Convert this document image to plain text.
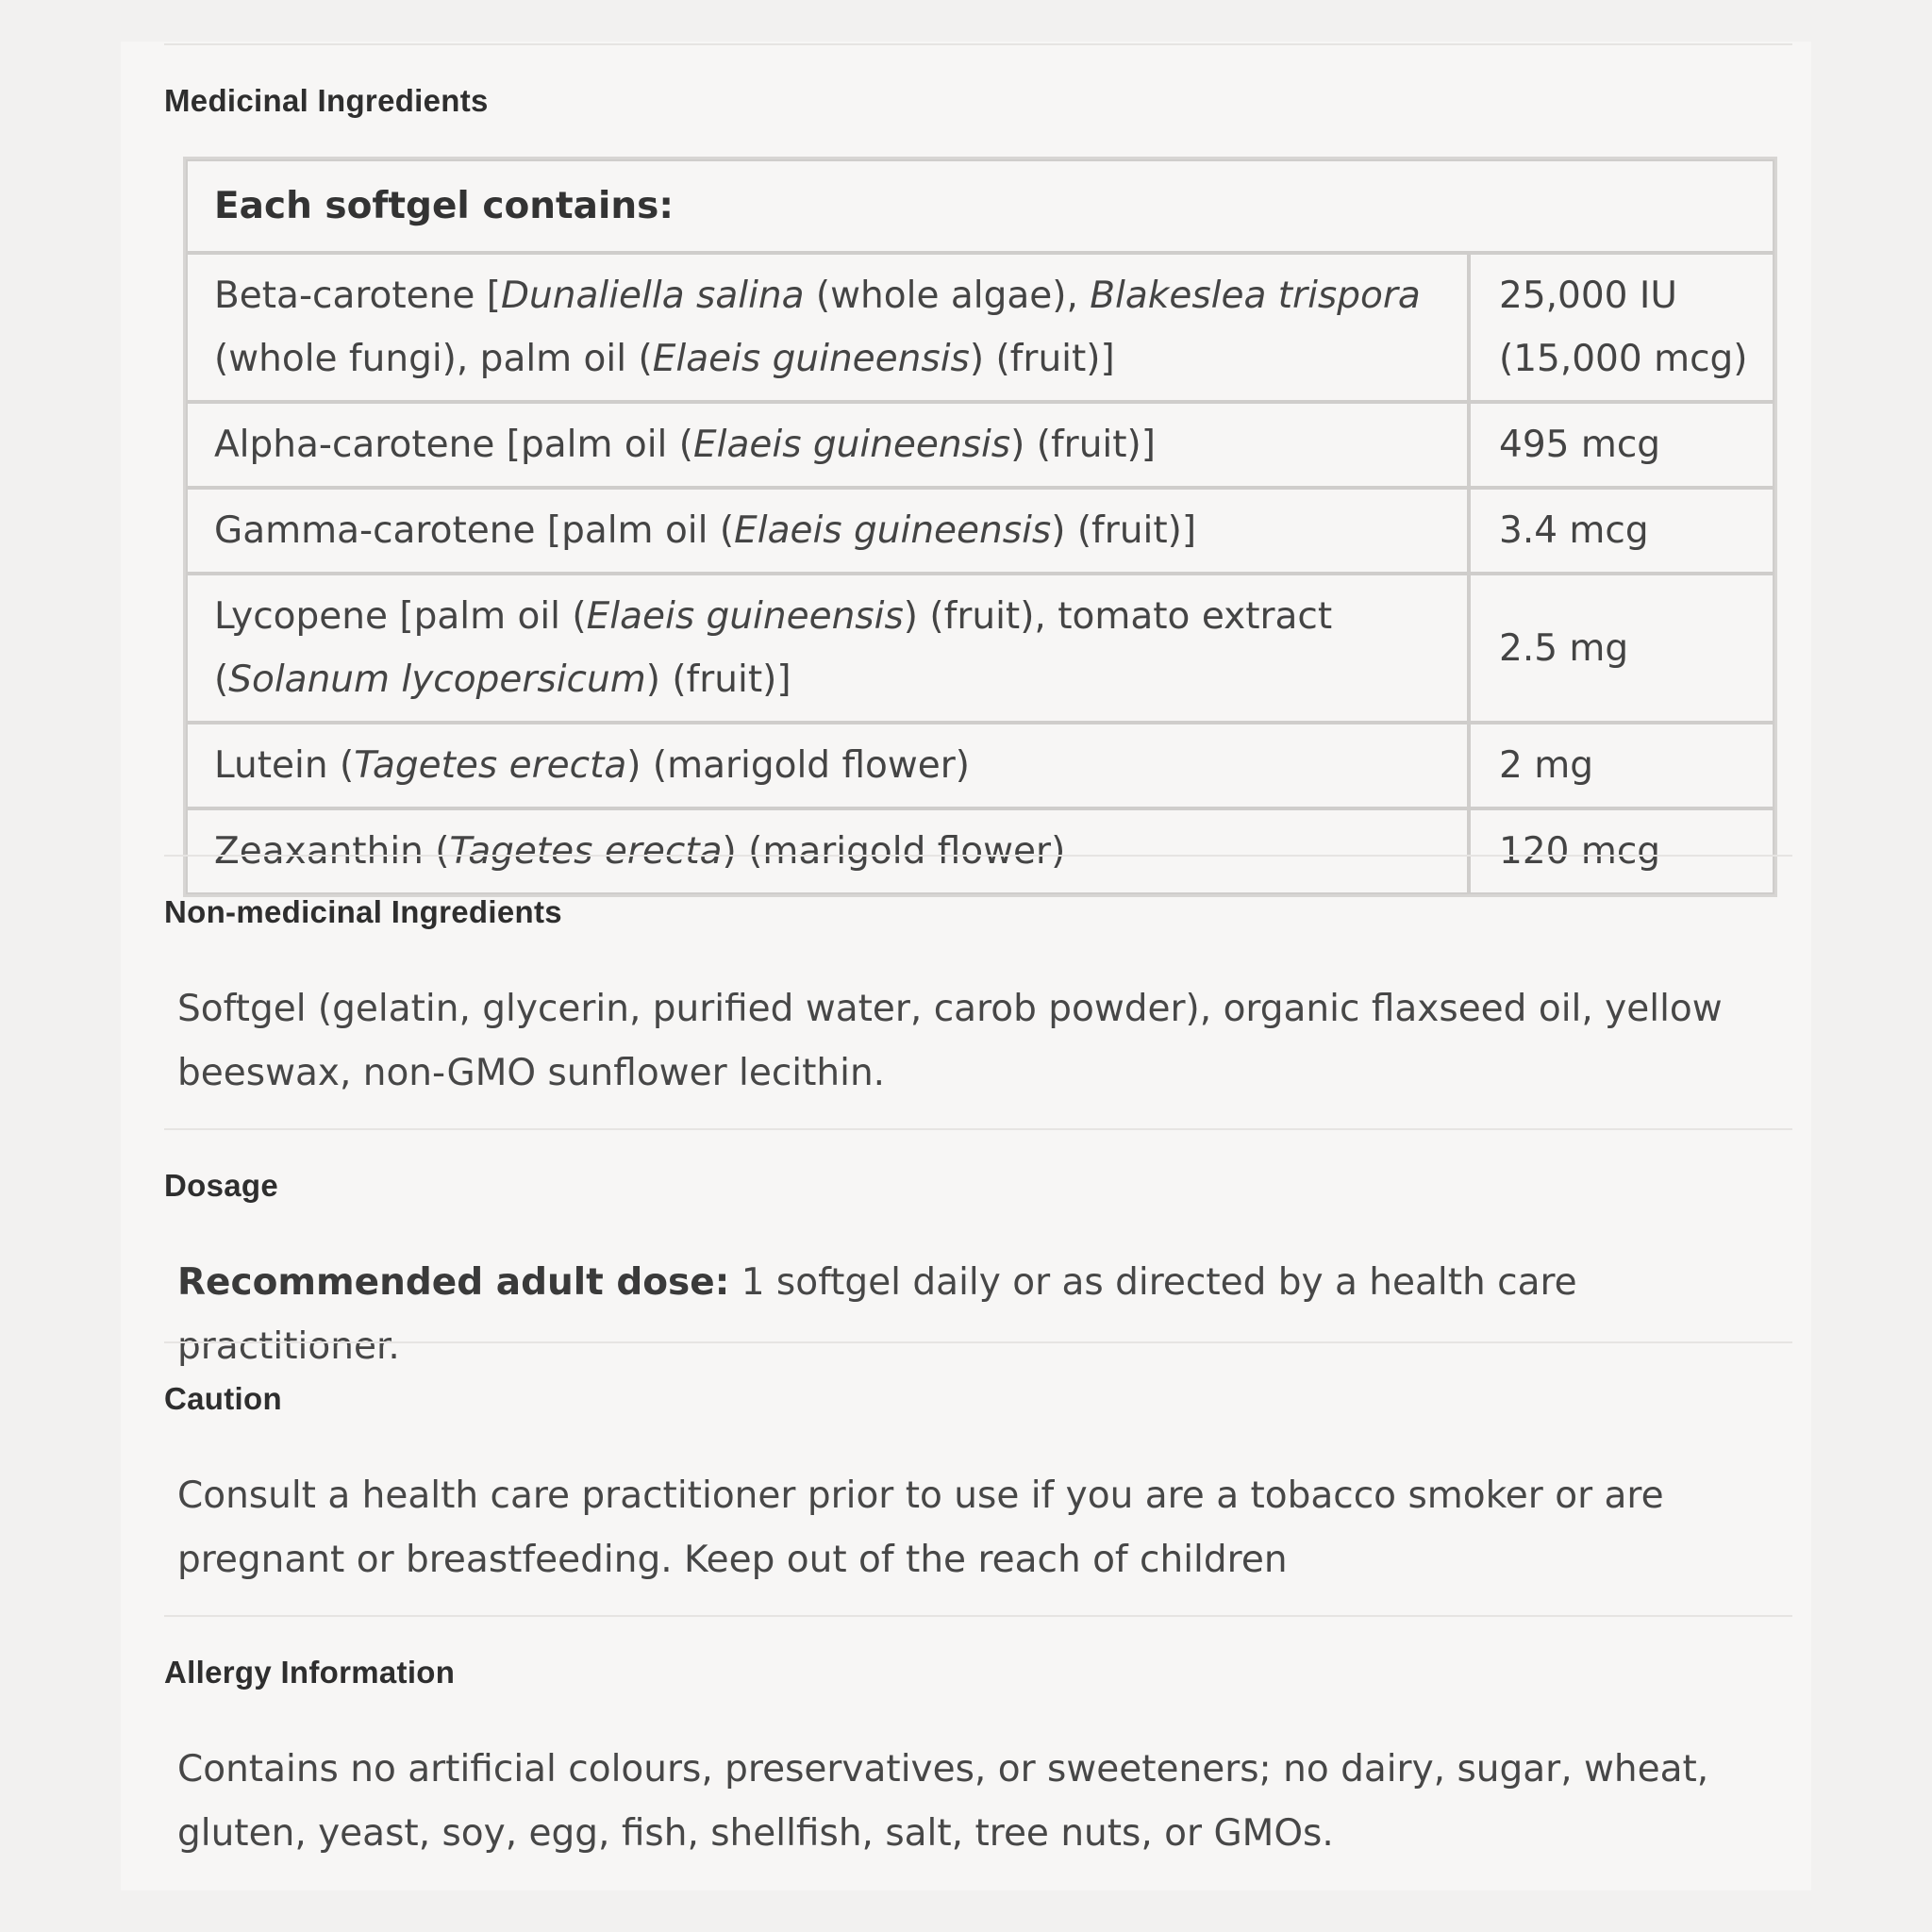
Medicinal Ingredients
Each softgel contains:	
Beta-carotene [Dunaliella salina (whole algae), Blakeslea trispora (whole fungi), palm oil (Elaeis guineensis) (fruit)]	25,000 IU (15,000 mcg)
Alpha-carotene [palm oil (Elaeis guineensis) (fruit)]	495 mcg
Gamma-carotene [palm oil (Elaeis guineensis) (fruit)]	3.4 mcg
Lycopene [palm oil (Elaeis guineensis) (fruit), tomato extract (Solanum lycopersicum) (fruit)]	2.5 mg
Lutein (Tagetes erecta) (marigold flower)	2 mg
Zeaxanthin (Tagetes erecta) (marigold flower)	120 mcg
Non-medicinal Ingredients

Softgel (gelatin, glycerin, purified water, carob powder), organic flaxseed oil, yellow beeswax, non-GMO sunflower lecithin.

Dosage

Recommended adult dose: 1 softgel daily or as directed by a health care practitioner.

Caution

Consult a health care practitioner prior to use if you are a tobacco smoker or are pregnant or breastfeeding. Keep out of the reach of children

Allergy Information

Contains no artificial colours, preservatives, or sweeteners; no dairy, sugar, wheat, gluten, yeast, soy, egg, fish, shellfish, salt, tree nuts, or GMOs.
